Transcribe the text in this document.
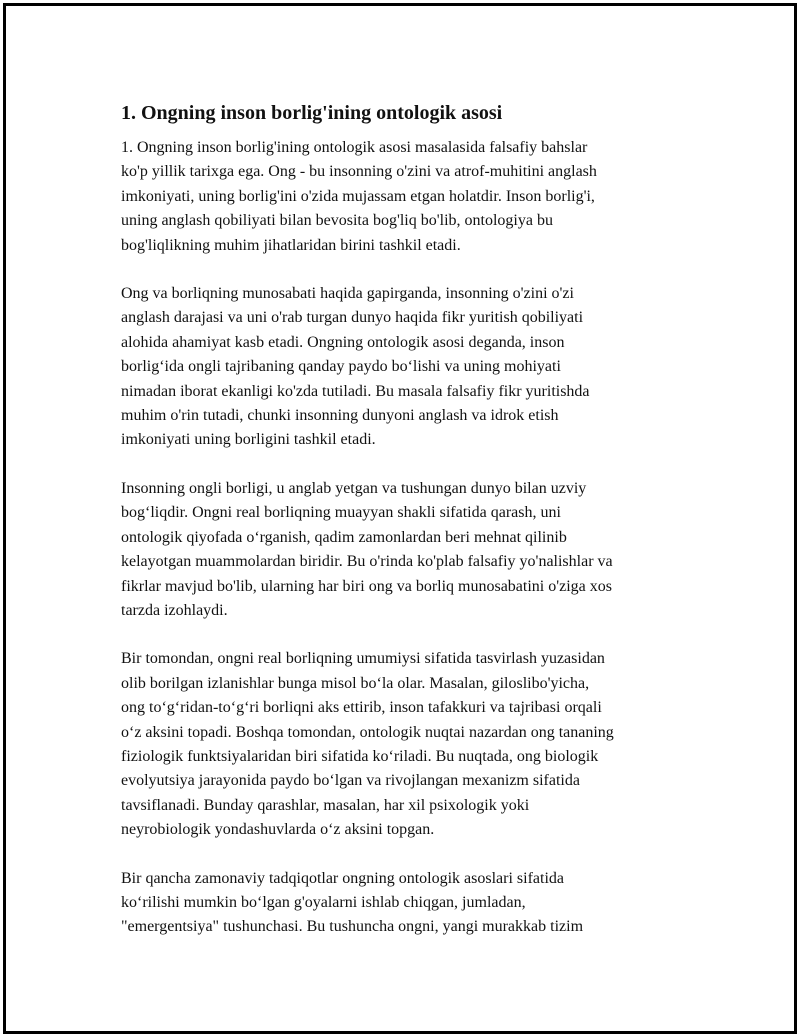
1. Ongning inson borlig'ining ontologik asosi

1. Ongning inson borlig'ining ontologik asosi masalasida falsafiy bahslar
ko'p yillik tarixga ega. Ong - bu insonning o'zini va atrof-muhitini anglash
imkoniyati, uning borlig'ini o'zida mujassam etgan holatdir. Inson borlig'i,
uning anglash qobiliyati bilan bevosita bog'liq bo'lib, ontologiya bu
bog'liqlikning muhim jihatlaridan birini tashkil etadi.

Ong va borliqning munosabati haqida gapirganda, insonning o'zini o'zi
anglash darajasi va uni o'rab turgan dunyo haqida fikr yuritish qobiliyati
alohida ahamiyat kasb etadi. Ongning ontologik asosi deganda, inson
borlig‘ida ongli tajribaning qanday paydo bo‘lishi va uning mohiyati
nimadan iborat ekanligi ko'zda tutiladi. Bu masala falsafiy fikr yuritishda
muhim o'rin tutadi, chunki insonning dunyoni anglash va idrok etish
imkoniyati uning borligini tashkil etadi.

Insonning ongli borligi, u anglab yetgan va tushungan dunyo bilan uzviy
bog‘liqdir. Ongni real borliqning muayyan shakli sifatida qarash, uni
ontologik qiyofada o‘rganish, qadim zamonlardan beri mehnat qilinib
kelayotgan muammolardan biridir. Bu o'rinda ko'plab falsafiy yo'nalishlar va
fikrlar mavjud bo'lib, ularning har biri ong va borliq munosabatini o'ziga xos
tarzda izohlaydi.

Bir tomondan, ongni real borliqning umumiysi sifatida tasvirlash yuzasidan
olib borilgan izlanishlar bunga misol bo‘la olar. Masalan, giloslibo'yicha,
ong to‘g‘ridan-to‘g‘ri borliqni aks ettirib, inson tafakkuri va tajribasi orqali
o‘z aksini topadi. Boshqa tomondan, ontologik nuqtai nazardan ong tananing
fiziologik funktsiyalaridan biri sifatida ko‘riladi. Bu nuqtada, ong biologik
evolyutsiya jarayonida paydo bo‘lgan va rivojlangan mexanizm sifatida
tavsiflanadi. Bunday qarashlar, masalan, har xil psixologik yoki
neyrobiologik yondashuvlarda o‘z aksini topgan.

Bir qancha zamonaviy tadqiqotlar ongning ontologik asoslari sifatida
ko‘rilishi mumkin bo‘lgan g'oyalarni ishlab chiqgan, jumladan,
"emergentsiya" tushunchasi. Bu tushuncha ongni, yangi murakkab tizim
